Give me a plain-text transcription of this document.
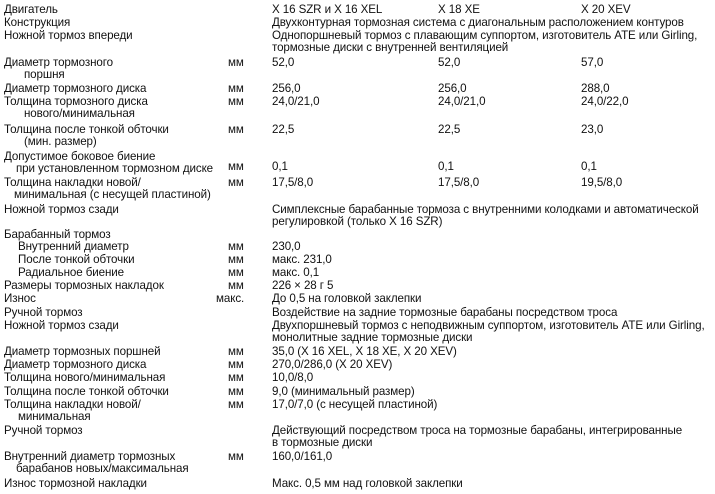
Двигатель	X 16 SZR и X 16 XEL	X 18 XE	X 20 XEV
Конструкция	Двухконтурная тормозная система с диагональным расположением контуров
Ножной тормоз впереди	Однопоршневый тормоз с плавающим суппортом, изготовитель ATE или Girling,
тормозные диски с внутренней вентиляцией
Диаметр тормозного
поршня
мм 52,0	52,0	57,0
Диаметр тормозного диска	мм 256,0	256,0	288,0
Толщина тормозного диска
нового/минимальная
мм 24,0/21,0	24,0/21,0	24,0/22,0
Толщина после тонкой обточки
(мин. размер)
мм 22,5	22,5	23,0
Допустимое боковое биение
при установленном тормозном диске мм 0,1	0,1	0,1
Толщина накладки новой/
минимальная (с несущей пластиной)
мм 17,5/8,0	17,5/8,0	19,5/8,0
Ножной тормоз сзади	Симплексные барабанные тормоза с внутренними колодками и автоматической
регулировкой (только X 16 SZR)
Барабанный тормоз
Внутренний диаметр	мм 230,0
После тонкой обточки	мм макс. 231,0
Радиальное биение	мм макс. 0,1
Размеры тормозных накладок	мм 226 × 28 г 5
Износ	макс. До 0,5 на головкой заклепки
Ручной тормоз	Воздействие на задние тормозные барабаны посредством троса
Ножной тормоз сзади	Двухпоршневый тормоз с неподвижным суппортом, изготовитель ATE или Girling,
монолитные задние тормозные диски
Диаметр тормозных поршней	мм 35,0 (X 16 XEL, X 18 XE, X 20 XEV)
Диаметр тормозного диска	мм 270,0/286,0 (X 20 XEV)
Толщина нового/минимальная	мм 10,0/8,0
Толщина после тонкой обточки	мм 9,0 (минимальный размер)
Толщина накладки новой/
минимальная
мм 17,0/7,0 (с несущей пластиной)
Ручной тормоз	Действующий посредством троса на тормозные барабаны, интегрированные
в тормозные диски
Внутренний диаметр тормозных
барабанов новых/максимальная
мм 160,0/161,0
Износ тормозной накладки	Макс. 0,5 мм над головкой заклепки
